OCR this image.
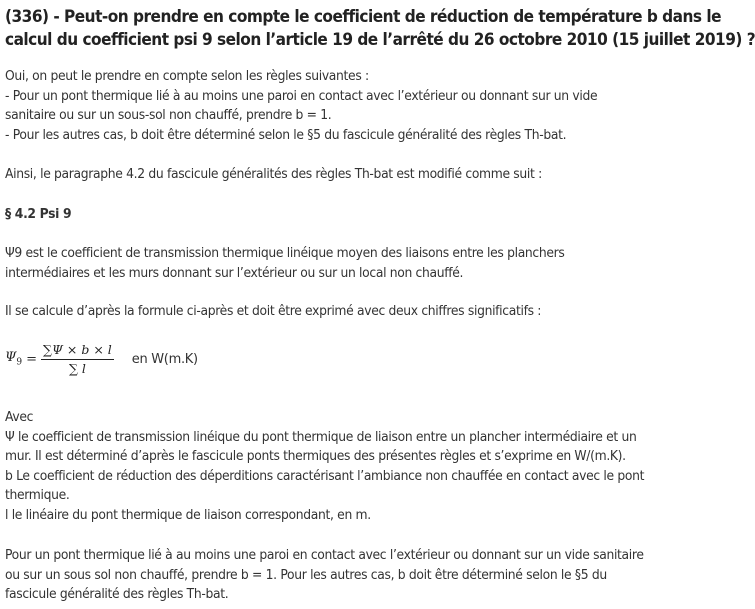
(336) - Peut-on prendre en compte le coefficient de réduction de température b dans le
calcul du coefficient psi 9 selon l’article 19 de l’arrêté du 26 octobre 2010 (15 juillet 2019) ?
Oui, on peut le prendre en compte selon les règles suivantes :
- Pour un pont thermique lié à au moins une paroi en contact avec l’extérieur ou donnant sur un vide
sanitaire ou sur un sous-sol non chauffé, prendre b = 1.
- Pour les autres cas, b doit être déterminé selon le §5 du fascicule généralité des règles Th-bat.
Ainsi, le paragraphe 4.2 du fascicule généralités des règles Th-bat est modifié comme suit :
§ 4.2 Psi 9
Ψ9 est le coefficient de transmission thermique linéique moyen des liaisons entre les planchers
intermédiaires et les murs donnant sur l’extérieur ou sur un local non chauffé.
Il se calcule d’après la formule ci-après et doit être exprimé avec deux chiffres significatifs :
$\Psi_9 = \frac{\sum\Psi \times b \times l}{\sum l}$ en W(m.K)
Avec
Ψ le coefficient de transmission linéique du pont thermique de liaison entre un plancher intermédiaire et un
mur. Il est déterminé d’après le fascicule ponts thermiques des présentes règles et s’exprime en W/(m.K).
b Le coefficient de réduction des déperditions caractérisant l’ambiance non chauffée en contact avec le pont
thermique.
l le linéaire du pont thermique de liaison correspondant, en m.
Pour un pont thermique lié à au moins une paroi en contact avec l’extérieur ou donnant sur un vide sanitaire
ou sur un sous sol non chauffé, prendre b = 1. Pour les autres cas, b doit être déterminé selon le §5 du
fascicule généralité des règles Th-bat.
